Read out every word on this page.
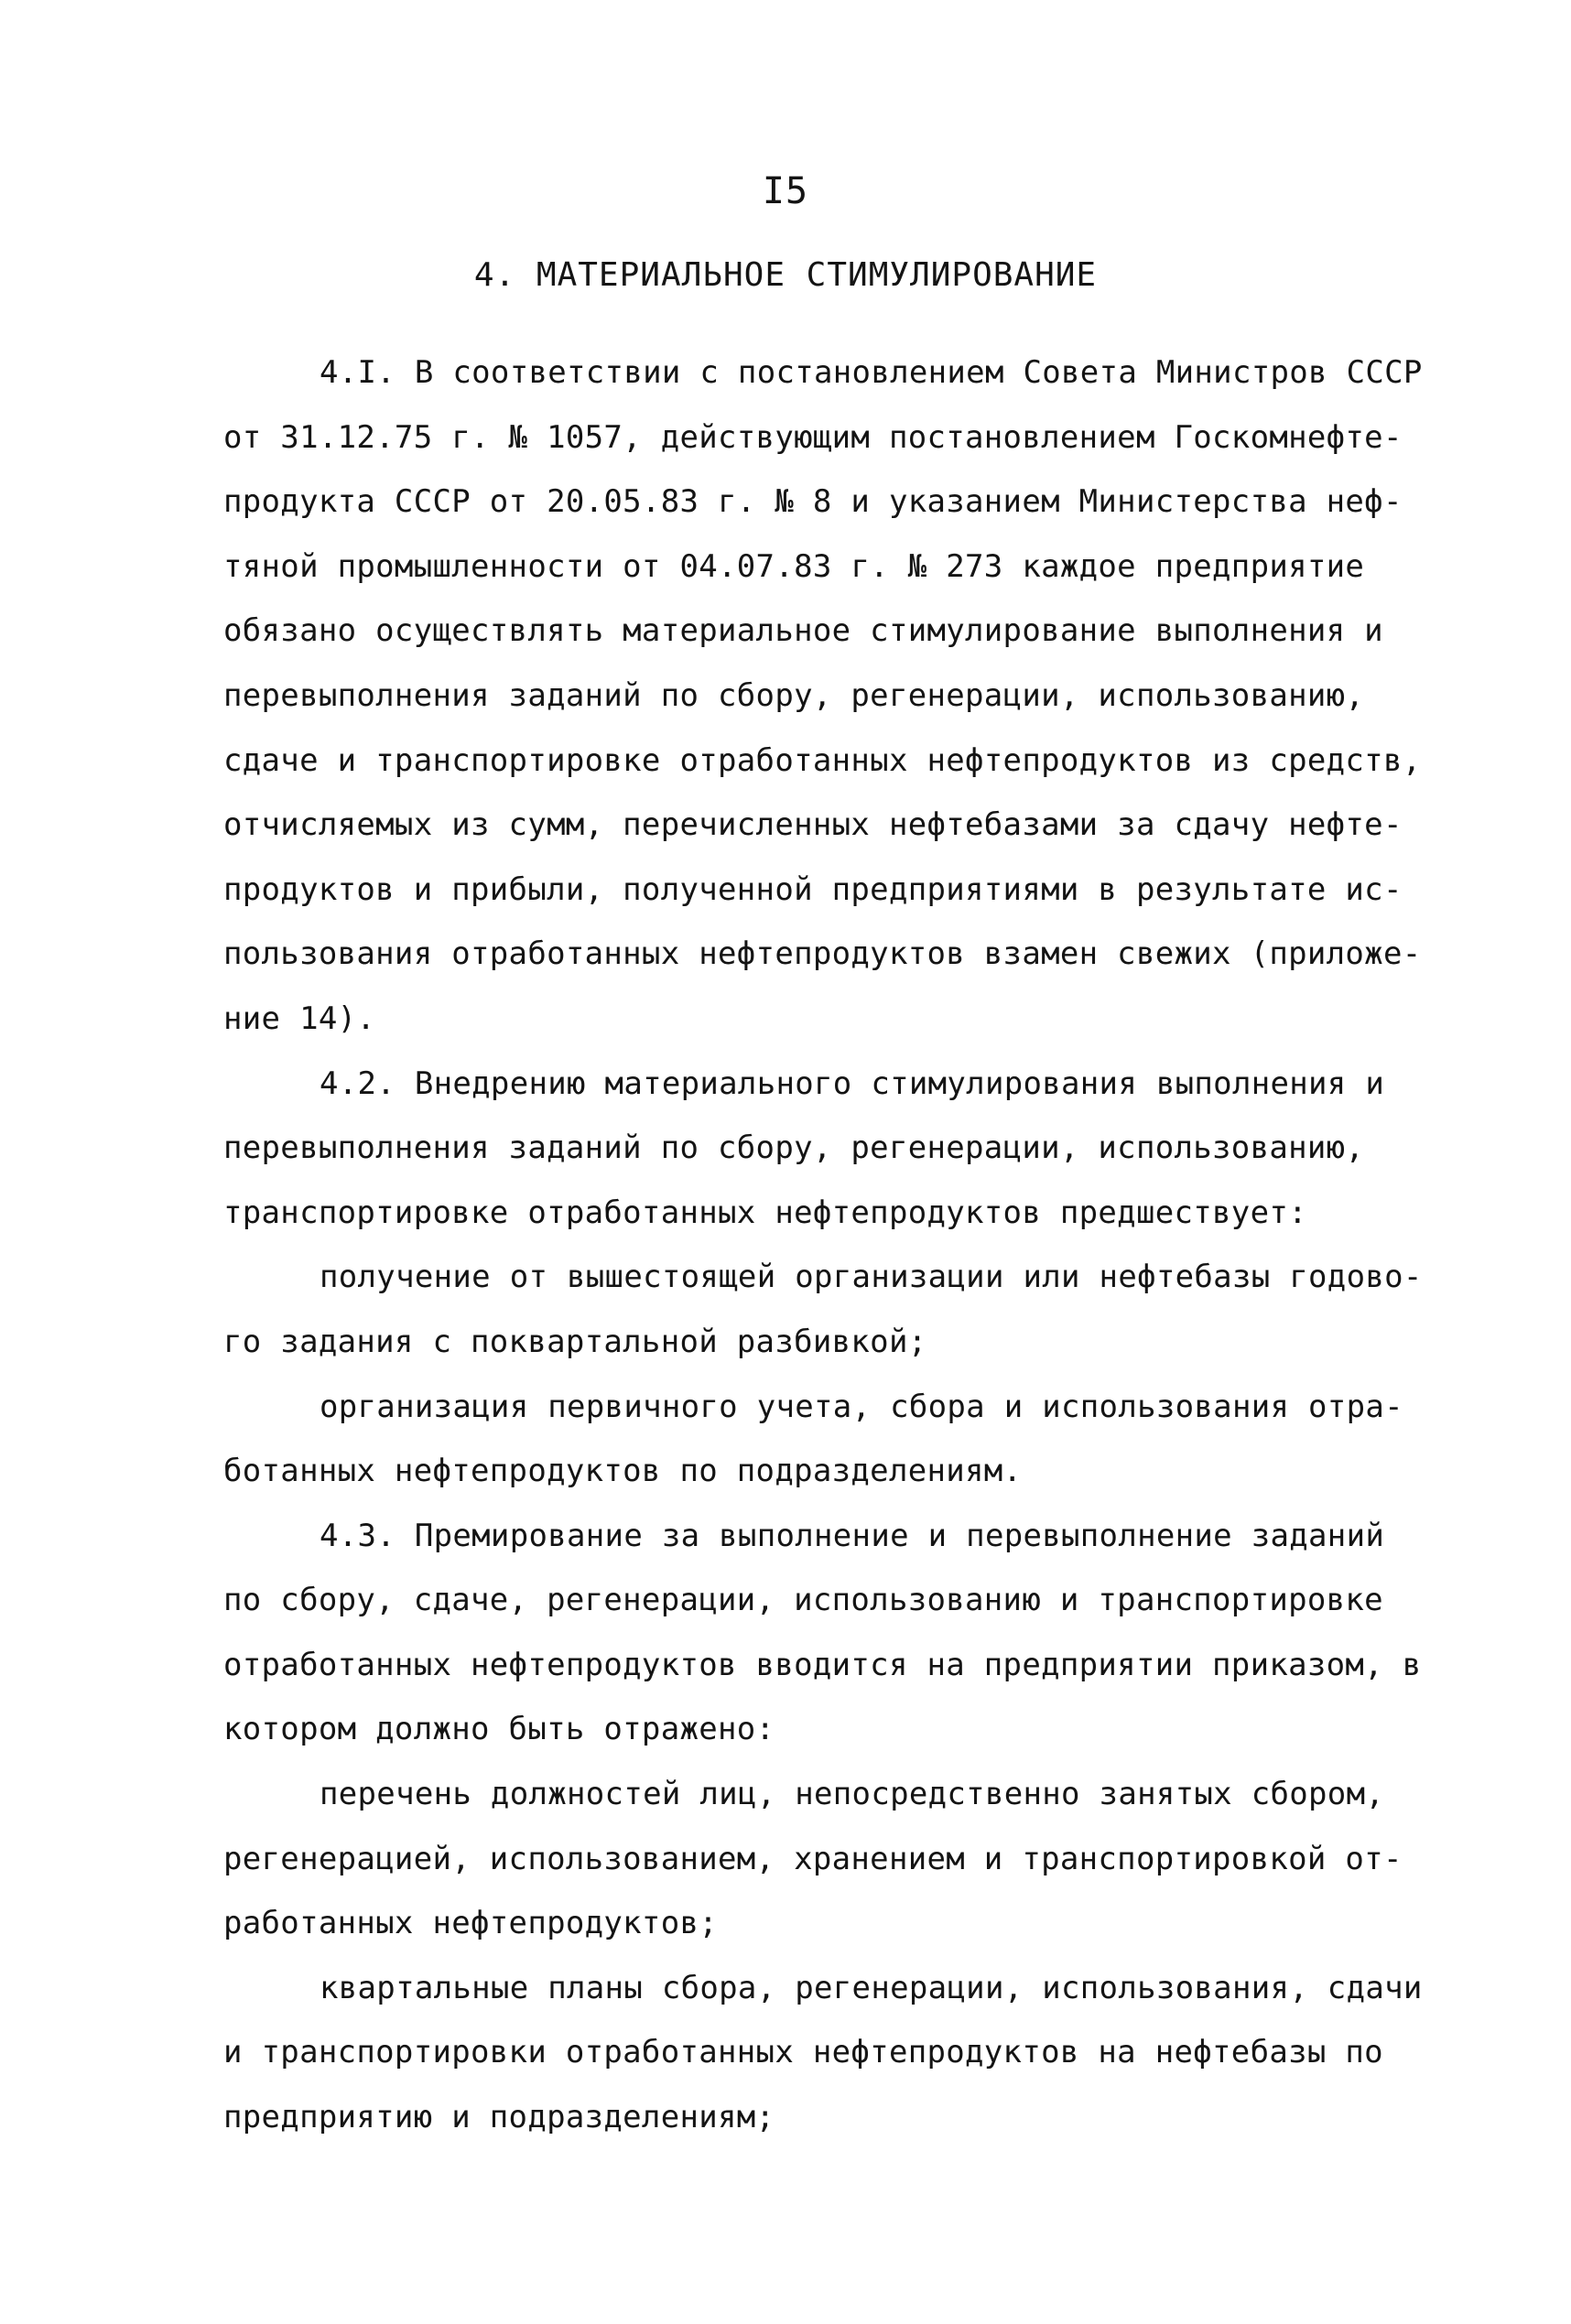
I5
4. МАТЕРИАЛЬНОЕ СТИМУЛИРОВАНИЕ
4.I. В соответствии с постановлением Совета Министров СССР
от 31.12.75 г. № 1057, действующим постановлением Госкомнефте-
продукта СССР от 20.05.83 г. № 8 и указанием Министерства неф-
тяной промышленности от 04.07.83 г. № 273 каждое предприятие
обязано осуществлять материальное стимулирование выполнения и
перевыполнения заданий по сбору, регенерации, использованию,
сдаче и транспортировке отработанных нефтепродуктов из средств,
отчисляемых из сумм, перечисленных нефтебазами за сдачу нефте-
продуктов и прибыли, полученной предприятиями в результате ис-
пользования отработанных нефтепродуктов взамен свежих (приложе-
ние 14).
4.2. Внедрению материального стимулирования выполнения и
перевыполнения заданий по сбору, регенерации, использованию,
транспортировке отработанных нефтепродуктов предшествует:
получение от вышестоящей организации или нефтебазы годово-
го задания с поквартальной разбивкой;
организация первичного учета, сбора и использования отра-
ботанных нефтепродуктов по подразделениям.
4.3. Премирование за выполнение и перевыполнение заданий
по сбору, сдаче, регенерации, использованию и транспортировке
отработанных нефтепродуктов вводится на предприятии приказом, в
котором должно быть отражено:
перечень должностей лиц, непосредственно занятых сбором,
регенерацией, использованием, хранением и транспортировкой от-
работанных нефтепродуктов;
квартальные планы сбора, регенерации, использования, сдачи
и транспортировки отработанных нефтепродуктов на нефтебазы по
предприятию и подразделениям;
